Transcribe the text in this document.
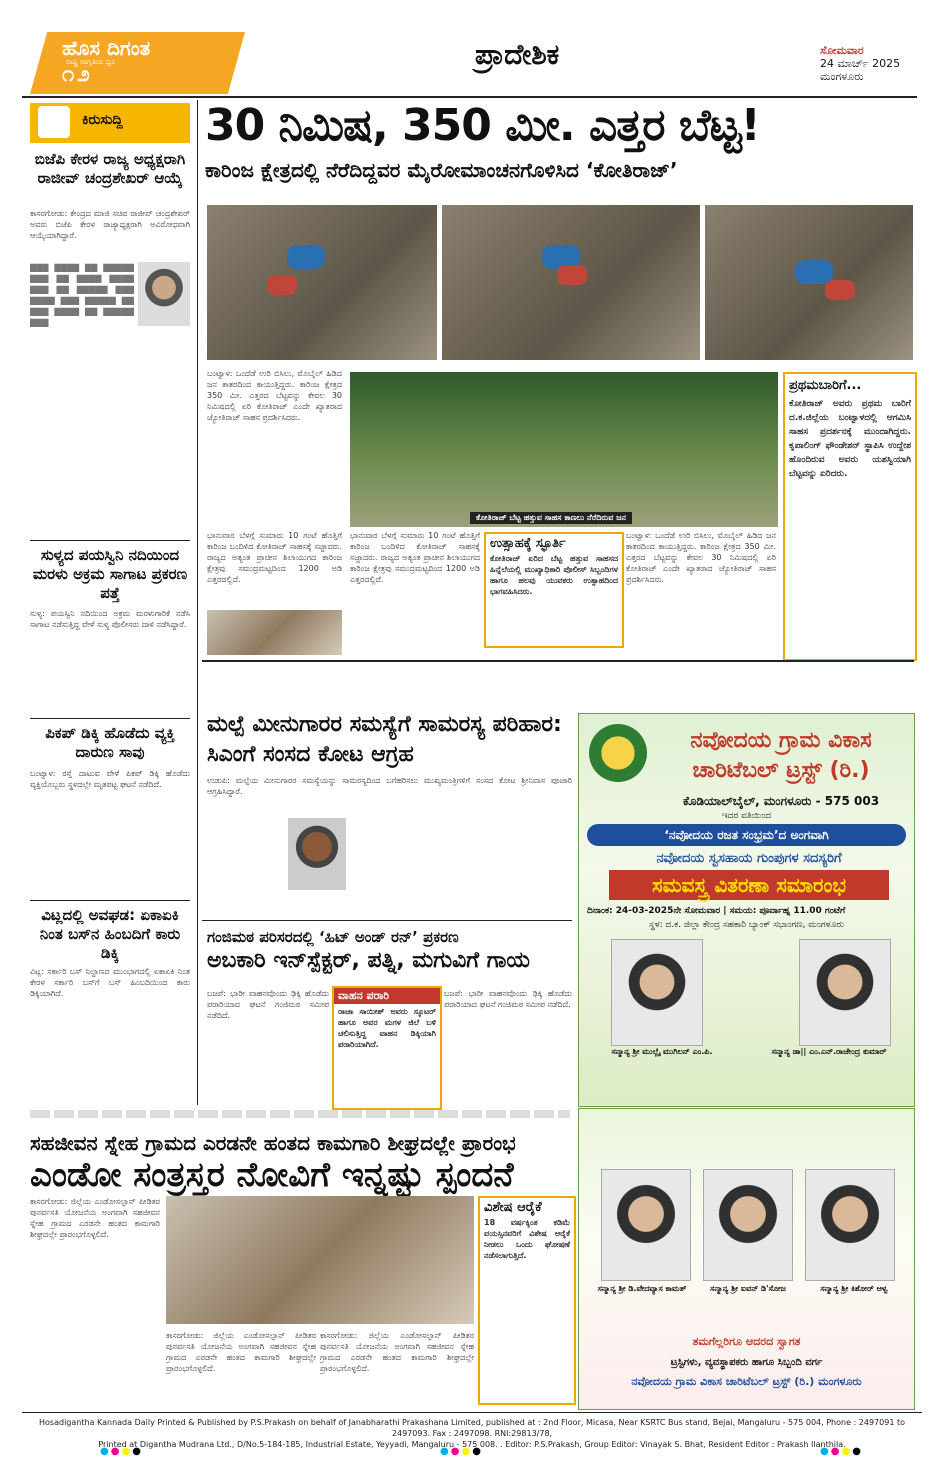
ಹೊಸ ದಿಗಂತ
ರಾಷ್ಟ್ರ ಜಾಗೃತಿಯ ಧ್ವನಿ
೧೨
ಪ್ರಾದೇಶಿಕ	ಸೋಮವಾರ
24 ಮಾರ್ಚ್ 2025
ಮಂಗಳೂರು
ಕಿರುಸುದ್ದಿ
ಬಿಜೆಪಿ ಕೇರಳ ರಾಜ್ಯ ಅಧ್ಯಕ್ಷರಾಗಿ ರಾಜೀವ್ ಚಂದ್ರಶೇಖರ್ ಆಯ್ಕೆ
ಕಾಸರಗೋಡು: ಕೇಂದ್ರದ ಮಾಜಿ ಸಚಿವ ರಾಜೀವ್ ಚಂದ್ರಶೇಖರ್ ಅವರು ಬಿಜೆಪಿ ಕೇರಳ ರಾಜ್ಯಾಧ್ಯಕ್ಷರಾಗಿ ಅವಿರೋಧವಾಗಿ ಆಯ್ಕೆಯಾಗಿದ್ದಾರೆ.
▇▇▇ ▇▇▇▇ ▇▇ ▇▇▇▇▇ ▇▇▇ ▇▇ ▇▇▇▇ ▇▇▇▇ ▇▇▇ ▇▇ ▇▇▇▇▇ ▇▇▇ ▇▇▇▇ ▇▇▇ ▇▇▇▇▇ ▇▇ ▇▇▇ ▇▇▇▇ ▇▇ ▇▇▇▇▇ ▇▇▇
ಸುಳ್ಯದ ಪಯಸ್ವಿನಿ ನದಿಯಿಂದ ಮರಳು ಅಕ್ರಮ ಸಾಗಾಟ ಪ್ರಕರಣ ಪತ್ತೆ
ಸುಳ್ಯ: ಪಯಸ್ವಿನಿ ನದಿಯಿಂದ ಅಕ್ರಮ ಮರಳುಗಾರಿಕೆ ನಡೆಸಿ ಸಾಗಾಟ ನಡೆಸುತ್ತಿದ್ದ ವೇಳೆ ಸುಳ್ಯ ಪೊಲೀಸರು ದಾಳಿ ನಡೆಸಿದ್ದಾರೆ.
ಪಿಕಪ್ ಡಿಕ್ಕಿ ಹೊಡೆದು ವ್ಯಕ್ತಿ ದಾರುಣ ಸಾವು
ಬಂಟ್ವಾಳ: ರಸ್ತೆ ದಾಟುವ ವೇಳೆ ಪಿಕಪ್ ಡಿಕ್ಕಿ ಹೊಡೆದು ವ್ಯಕ್ತಿಯೊಬ್ಬರು ಸ್ಥಳದಲ್ಲೇ ಮೃತಪಟ್ಟ ಘಟನೆ ನಡೆದಿದೆ.
ವಿಟ್ಲದಲ್ಲಿ ಅವಘಡ: ಏಕಾಏಕಿ ನಿಂತ ಬಸ್‌ನ ಹಿಂಬದಿಗೆ ಕಾರು ಡಿಕ್ಕಿ
ವಿಟ್ಲ: ಸರ್ಕಾರಿ ಬಸ್ ನಿಲ್ದಾಣದ ಮುಂಭಾಗದಲ್ಲಿ ಏಕಾಏಕಿ ನಿಂತ ಕೇರಳ ಸರ್ಕಾರಿ ಬಸ್‌ಗೆ ಬಸ್ ಹಿಂಬದಿಯಿಂದ ಕಾರು ಡಿಕ್ಕಿಯಾಗಿದೆ.
30 ನಿಮಿಷ, 350 ಮೀ. ಎತ್ತರ ಬೆಟ್ಟ!
ಕಾರಿಂಜ ಕ್ಷೇತ್ರದಲ್ಲಿ ನೆರೆದಿದ್ದವರ ಮೈರೋಮಾಂಚನಗೊಳಿಸಿದ ‘ಕೋತಿರಾಜ್’
ಬಂಟ್ವಾಳ: ಒಂದೆಡೆ ಉರಿ ಬಿಸಿಲು, ಮೊಬೈಲ್ ಹಿಡಿದ ಜನ ಕಾತರದಿಂದ ಕಾಯುತ್ತಿದ್ದರು. ಕಾರಿಂಜ ಕ್ಷೇತ್ರದ 350 ಮೀ. ಎತ್ತರದ ಬೆಟ್ಟವನ್ನು ಕೇವಲ 30 ನಿಮಿಷದಲ್ಲಿ ಏರಿ ಕೋತಿರಾಜ್ ಎಂದೇ ಖ್ಯಾತರಾದ ಜ್ಯೋತಿರಾಜ್ ಸಾಹಸ ಪ್ರದರ್ಶಿಸಿದರು.
ಭಾನುವಾರ ಬೆಳಗ್ಗೆ ಸುಮಾರು 10 ಗಂಟೆ ಹೊತ್ತಿಗೆ ಕಾರಿಂಜ ಬಂದಿಳಿದ ಕೋತಿರಾಜ್ ಸಾಹಸಕ್ಕೆ ಸಜ್ಜಾದರು. ರಾಜ್ಯದ ಅತ್ಯಂತ ಪ್ರಾಚೀನ ಶಿಲಾಯುಗದ ಕಾರಿಂಜ ಕ್ಷೇತ್ರವು ಸಮುದ್ರಮಟ್ಟದಿಂದ 1200 ಅಡಿ ಎತ್ತರದಲ್ಲಿದೆ.
ಕೋತಿರಾಜ್ ಬೆಟ್ಟ ಹತ್ತುವ ಸಾಹಸ ಕಾಣಲು ನೆರೆದಿರುವ ಜನ
ಭಾನುವಾರ ಬೆಳಗ್ಗೆ ಸುಮಾರು 10 ಗಂಟೆ ಹೊತ್ತಿಗೆ ಕಾರಿಂಜ ಬಂದಿಳಿದ ಕೋತಿರಾಜ್ ಸಾಹಸಕ್ಕೆ ಸಜ್ಜಾದರು. ರಾಜ್ಯದ ಅತ್ಯಂತ ಪ್ರಾಚೀನ ಶಿಲಾಯುಗದ ಕಾರಿಂಜ ಕ್ಷೇತ್ರವು ಸಮುದ್ರಮಟ್ಟದಿಂದ 1200 ಅಡಿ ಎತ್ತರದಲ್ಲಿದೆ.
ಉತ್ಸಾಹಕ್ಕೆ ಸ್ಫೂರ್ತಿ
ಕೋತಿರಾಜ್ ಏರಿದ ಬೆಟ್ಟ ಹತ್ತುವ ಸಾಹಸದ ಹಿನ್ನೆಲೆಯಲ್ಲಿ ಮುಖ್ಯಾಧಿಕಾರಿ ಪೊಲೀಸ್ ಸಿಬ್ಬಂದಿಗಳ ಹಾಗೂ ಹಲವು ಯುವಕರು ಉತ್ಸಾಹದಿಂದ ಭಾಗವಹಿಸಿದರು.
ಬಂಟ್ವಾಳ: ಒಂದೆಡೆ ಉರಿ ಬಿಸಿಲು, ಮೊಬೈಲ್ ಹಿಡಿದ ಜನ ಕಾತರದಿಂದ ಕಾಯುತ್ತಿದ್ದರು. ಕಾರಿಂಜ ಕ್ಷೇತ್ರದ 350 ಮೀ. ಎತ್ತರದ ಬೆಟ್ಟವನ್ನು ಕೇವಲ 30 ನಿಮಿಷದಲ್ಲಿ ಏರಿ ಕೋತಿರಾಜ್ ಎಂದೇ ಖ್ಯಾತರಾದ ಜ್ಯೋತಿರಾಜ್ ಸಾಹಸ ಪ್ರದರ್ಶಿಸಿದರು.
ಪ್ರಥಮಬಾರಿಗೆ...
ಕೋತಿರಾಜ್ ಅವರು ಪ್ರಥಮ ಬಾರಿಗೆ ದ.ಕ.ಜಿಲ್ಲೆಯ ಬಂಟ್ವಾಳದಲ್ಲಿ ಆಗಮಿಸಿ ಸಾಹಸ ಪ್ರದರ್ಶನಕ್ಕೆ ಮುಂದಾಗಿದ್ದರು. ಕೃಪಾಲಿಂಗ್ ಫೌಂಡೇಶನ್ ಸ್ಥಾಪಿಸಿ ಉದ್ದೇಶ ಹೊಂದಿರುವ ಅವರು ಯಶಸ್ವಿಯಾಗಿ ಬೆಟ್ಟವನ್ನು ಏರಿದರು.
ಮಲ್ಪೆ ಮೀನುಗಾರರ ಸಮಸ್ಯೆಗೆ ಸಾಮರಸ್ಯ ಪರಿಹಾರ: ಸಿಎಂಗೆ ಸಂಸದ ಕೋಟ ಆಗ್ರಹ
ಉಡುಪಿ: ಮಲ್ಪೆಯ ಮೀನುಗಾರರ ಸಮಸ್ಯೆಯನ್ನು ಸಾಮರಸ್ಯದಿಂದ ಬಗೆಹರಿಸಲು ಮುಖ್ಯಮಂತ್ರಿಗಳಿಗೆ ಸಂಸದ ಕೋಟ ಶ್ರೀನಿವಾಸ ಪೂಜಾರಿ ಆಗ್ರಹಿಸಿದ್ದಾರೆ.
ಗಂಜಿಮಠ ಪರಿಸರದಲ್ಲಿ ‘ಹಿಟ್ ಅಂಡ್ ರನ್’ ಪ್ರಕರಣ
ಅಬಕಾರಿ ಇನ್‌ಸ್ಪೆಕ್ಟರ್, ಪತ್ನಿ, ಮಗುವಿಗೆ ಗಾಯ
ಬಜಪೆ: ಭಾರೀ ವಾಹನವೊಂದು ಢಿಕ್ಕಿ ಹೊಡೆದು ಪರಾರಿಯಾದ ಘಟನೆ ಗಂಜಿಮಠ ಸಮೀಪ ನಡೆದಿದೆ.
ವಾಹನ ಪರಾರಿ
ರಾಜಾ ಸಾಯೀಶ್ ಅವರು ಸ್ಕೂಟರ್ ಹಾಗೂ ಅವರ ಮಗಳ ಜಿಲೆ ಬಳಿ ಚಲಿಸುತ್ತಿದ್ದ ವಾಹನ ಡಿಕ್ಕಿಯಾಗಿ ಪರಾರಿಯಾಗಿದೆ.
ಬಜಪೆ: ಭಾರೀ ವಾಹನವೊಂದು ಢಿಕ್ಕಿ ಹೊಡೆದು ಪರಾರಿಯಾದ ಘಟನೆ ಗಂಜಿಮಠ ಸಮೀಪ ನಡೆದಿದೆ.
ನವೋದಯ ಗ್ರಾಮ ವಿಕಾಸ
ಚಾರಿಟೆಬಲ್ ಟ್ರಸ್ಟ್ (ರಿ.)
ಕೊಡಿಯಾಲ್‌ಬೈಲ್, ಮಂಗಳೂರು - 575 003
ಇದರ ವತಿಯಿಂದ
‘ನವೋದಯ ರಜತ ಸಂಭ್ರಮ’ದ ಅಂಗವಾಗಿ
ನವೋದಯ ಸ್ವಸಹಾಯ ಗುಂಪುಗಳ ಸದಸ್ಯರಿಗೆ
ಸಮವಸ್ತ್ರ ವಿತರಣಾ ಸಮಾರಂಭ
ದಿನಾಂಕ: 24-03-2025ನೇ ಸೋಮವಾರ | ಸಮಯ: ಪೂರ್ವಾಹ್ನ 11.00 ಗಂಟೆಗೆ
ಸ್ಥಳ: ದ.ಕ. ಜಿಲ್ಲಾ ಕೇಂದ್ರ ಸಹಕಾರಿ ಬ್ಯಾಂಕ್ ಸಭಾಂಗಣ, ಮಂಗಳೂರು
ಸನ್ಮಾನ್ಯ ಶ್ರೀ ಮುಲ್ಲೈ ಮುಗಿಲನ್ ಎಂ.ಪಿ.	ಸನ್ಮಾನ್ಯ ಡಾ|| ಎಂ.ಎನ್.ರಾಜೇಂದ್ರ ಕುಮಾರ್
ಸನ್ಮಾನ್ಯ ಶ್ರೀ ಡಿ.ವೇದವ್ಯಾಸ ಕಾಮತ್	ಸನ್ಮಾನ್ಯ ಶ್ರೀ ಐವನ್ ಡಿ'ಸೋಜ	ಸನ್ಮಾನ್ಯ ಶ್ರೀ ಕಿಶೋರ್ ಆಳ್ವ
ತಮಗೆಲ್ಲರಿಗೂ ಆದರದ ಸ್ವಾಗತ
ಟ್ರಸ್ಟಿಗಳು, ವ್ಯವಸ್ಥಾಪಕರು ಹಾಗೂ ಸಿಬ್ಬಂದಿ ವರ್ಗ
ನವೋದಯ ಗ್ರಾಮ ವಿಕಾಸ ಚಾರಿಟೆಬಲ್ ಟ್ರಸ್ಟ್ (ರಿ.) ಮಂಗಳೂರು
ಸಹಜೀವನ ಸ್ನೇಹ ಗ್ರಾಮದ ಎರಡನೇ ಹಂತದ ಕಾಮಗಾರಿ ಶೀಘ್ರದಲ್ಲೇ ಪ್ರಾರಂಭ
ಎಂಡೋ ಸಂತ್ರಸ್ತರ ನೋವಿಗೆ ಇನ್ನಷ್ಟು ಸ್ಪಂದನೆ
ಕಾಸರಗೋಡು: ಜಿಲ್ಲೆಯ ಎಂಡೋಸಲ್ಫಾನ್ ಪೀಡಿತರ ಪುನರ್ವಸತಿ ಯೋಜನೆಯ ಅಂಗವಾಗಿ ಸಹಜೀವನ ಸ್ನೇಹ ಗ್ರಾಮದ ಎರಡನೇ ಹಂತದ ಕಾಮಗಾರಿ ಶೀಘ್ರದಲ್ಲೇ ಪ್ರಾರಂಭಗೊಳ್ಳಲಿದೆ.
ಕಾಸರಗೋಡು: ಜಿಲ್ಲೆಯ ಎಂಡೋಸಲ್ಫಾನ್ ಪೀಡಿತರ ಪುನರ್ವಸತಿ ಯೋಜನೆಯ ಅಂಗವಾಗಿ ಸಹಜೀವನ ಸ್ನೇಹ ಗ್ರಾಮದ ಎರಡನೇ ಹಂತದ ಕಾಮಗಾರಿ ಶೀಘ್ರದಲ್ಲೇ ಪ್ರಾರಂಭಗೊಳ್ಳಲಿದೆ.
ಕಾಸರಗೋಡು: ಜಿಲ್ಲೆಯ ಎಂಡೋಸಲ್ಫಾನ್ ಪೀಡಿತರ ಪುನರ್ವಸತಿ ಯೋಜನೆಯ ಅಂಗವಾಗಿ ಸಹಜೀವನ ಸ್ನೇಹ ಗ್ರಾಮದ ಎರಡನೇ ಹಂತದ ಕಾಮಗಾರಿ ಶೀಘ್ರದಲ್ಲೇ ಪ್ರಾರಂಭಗೊಳ್ಳಲಿದೆ.
ವಿಶೇಷ ಆರೈಕೆ
18 ವರ್ಷಕ್ಕಿಂತ ಕಡಿಮೆ ವಯಸ್ಸಿನವರಿಗೆ ವಿಶೇಷ ಆರೈಕೆ ನೀಡಲು ಒಂದು ಘೋಷಣೆ ನಡೆಸಲಾಗುತ್ತಿದೆ.
Hosadigantha Kannada Daily Printed & Published by P.S.Prakash on behalf of Janabharathi Prakashana Limited, published at : 2nd Floor, Micasa, Near KSRTC Bus stand, Bejai, Mangaluru - 575 004, Phone : 2497091 to 2497093. Fax : 2497098. RNI:29813/78,
Printed at Digantha Mudrana Ltd., D/No.5-184-185, Industrial Estate, Yeyyadi, Mangaluru - 575 008. . Editor: P.S.Prakash, Group Editor: Vinayak S. Bhat, Resident Editor : Prakash Ilanthila.
●●●●	●●●●	●●●●
